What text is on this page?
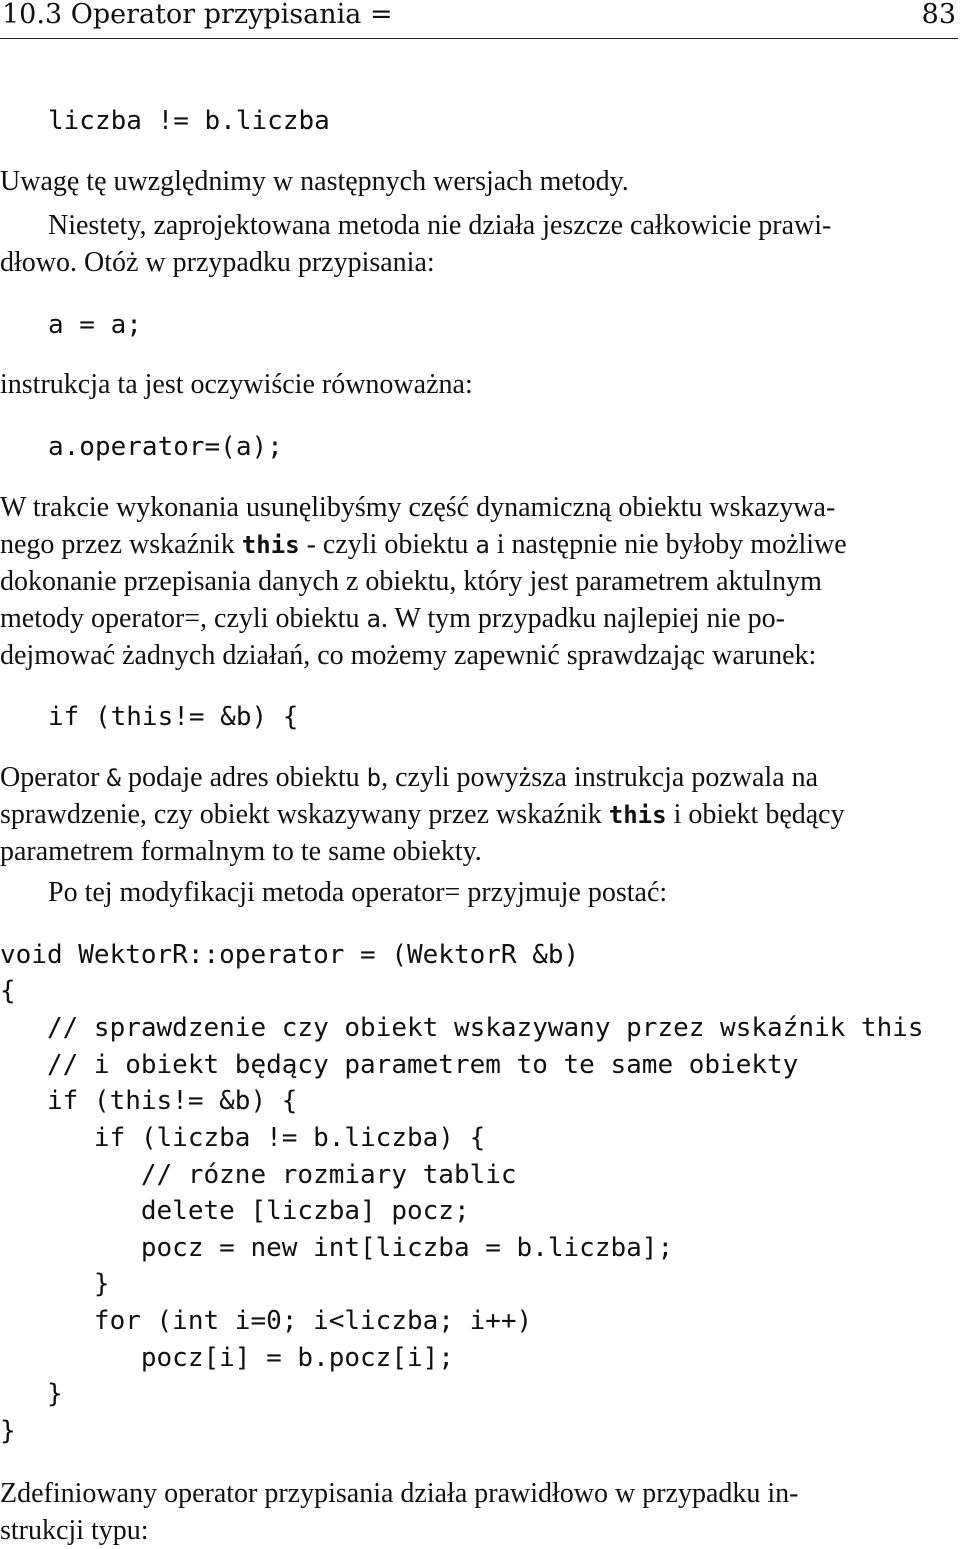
10.3 Operator przypisania =	83
liczba != b.liczba
Uwagę tę uwzględnimy w następnych wersjach metody.
Niestety, zaprojektowana metoda nie działa jeszcze całkowicie prawi-
dłowo. Otóż w przypadku przypisania:
a = a;
instrukcja ta jest oczywiście równoważna:
a.operator=(a);
W trakcie wykonania usunęlibyśmy część dynamiczną obiektu wskazywa-
nego przez wskaźnik this - czyli obiektu a i następnie nie byłoby możliwe
dokonanie przepisania danych z obiektu, który jest parametrem aktulnym
metody operator=, czyli obiektu a. W tym przypadku najlepiej nie po-
dejmować żadnych działań, co możemy zapewnić sprawdzając warunek:
if (this!= &b) {
Operator & podaje adres obiektu b, czyli powyższa instrukcja pozwala na
sprawdzenie, czy obiekt wskazywany przez wskaźnik this i obiekt będący
parametrem formalnym to te same obiekty.
Po tej modyfikacji metoda operator= przyjmuje postać:
void WektorR::operator = (WektorR &b)
{
// sprawdzenie czy obiekt wskazywany przez wskaźnik this
// i obiekt będący parametrem to te same obiekty
if (this!= &b) {
if (liczba != b.liczba) {
// rózne rozmiary tablic
delete [liczba] pocz;
pocz = new int[liczba = b.liczba];
}
for (int i=0; i<liczba; i++)
pocz[i] = b.pocz[i];
}
}
Zdefiniowany operator przypisania działa prawidłowo w przypadku in-
strukcji typu:
